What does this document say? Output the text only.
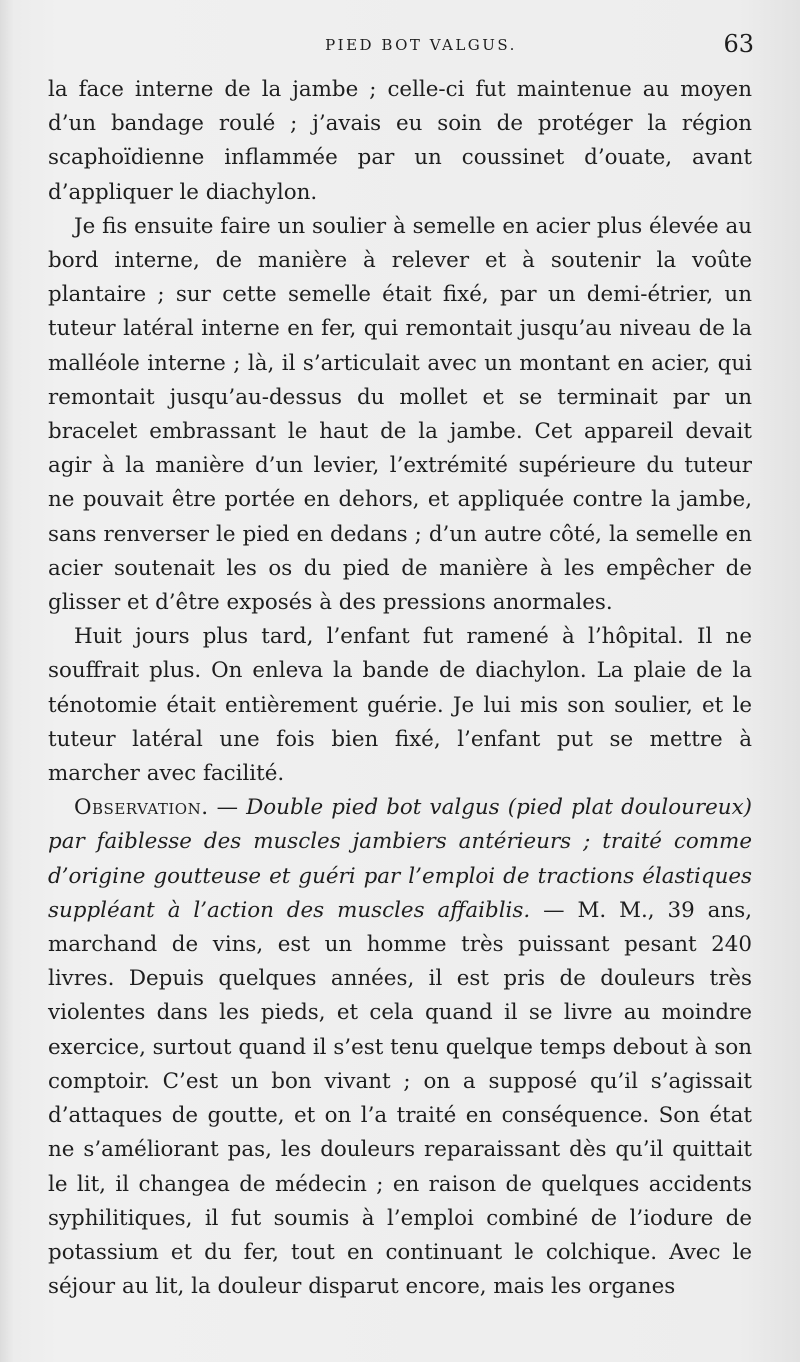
PIED BOT VALGUS.	63

la face interne de la jambe ; celle-ci fut maintenue au moyen d’un bandage roulé ; j’avais eu soin de protéger la région scaphoïdienne inflammée par un coussinet d’ouate, avant d’appliquer le diachylon.

Je fis ensuite faire un soulier à semelle en acier plus élevée au bord interne, de manière à relever et à soutenir la voûte plantaire ; sur cette semelle était fixé, par un demi-étrier, un tuteur latéral interne en fer, qui remontait jusqu’au niveau de la malléole interne ; là, il s’articulait avec un montant en acier, qui remontait jusqu’au-dessus du mollet et se terminait par un bracelet embrassant le haut de la jambe. Cet appareil devait agir à la manière d’un levier, l’extrémité supérieure du tuteur ne pouvait être portée en dehors, et appliquée contre la jambe, sans renverser le pied en dedans ; d’un autre côté, la semelle en acier soutenait les os du pied de manière à les empêcher de glisser et d’être exposés à des pressions anormales.

Huit jours plus tard, l’enfant fut ramené à l’hôpital. Il ne souffrait plus. On enleva la bande de diachylon. La plaie de la ténotomie était entièrement guérie. Je lui mis son soulier, et le tuteur latéral une fois bien fixé, l’enfant put se mettre à marcher avec facilité.

Observation. — Double pied bot valgus (pied plat douloureux) par faiblesse des muscles jambiers antérieurs ; traité comme d’origine goutteuse et guéri par l’emploi de tractions élastiques suppléant à l’action des muscles affaiblis. — M. M., 39 ans, marchand de vins, est un homme très puissant pesant 240 livres. Depuis quelques années, il est pris de douleurs très violentes dans les pieds, et cela quand il se livre au moindre exercice, surtout quand il s’est tenu quelque temps debout à son comptoir. C’est un bon vivant ; on a supposé qu’il s’agissait d’attaques de goutte, et on l’a traité en conséquence. Son état ne s’améliorant pas, les douleurs reparaissant dès qu’il quittait le lit, il changea de médecin ; en raison de quelques accidents syphilitiques, il fut soumis à l’emploi combiné de l’iodure de potassium et du fer, tout en continuant le colchique. Avec le séjour au lit, la douleur disparut encore, mais les organes
